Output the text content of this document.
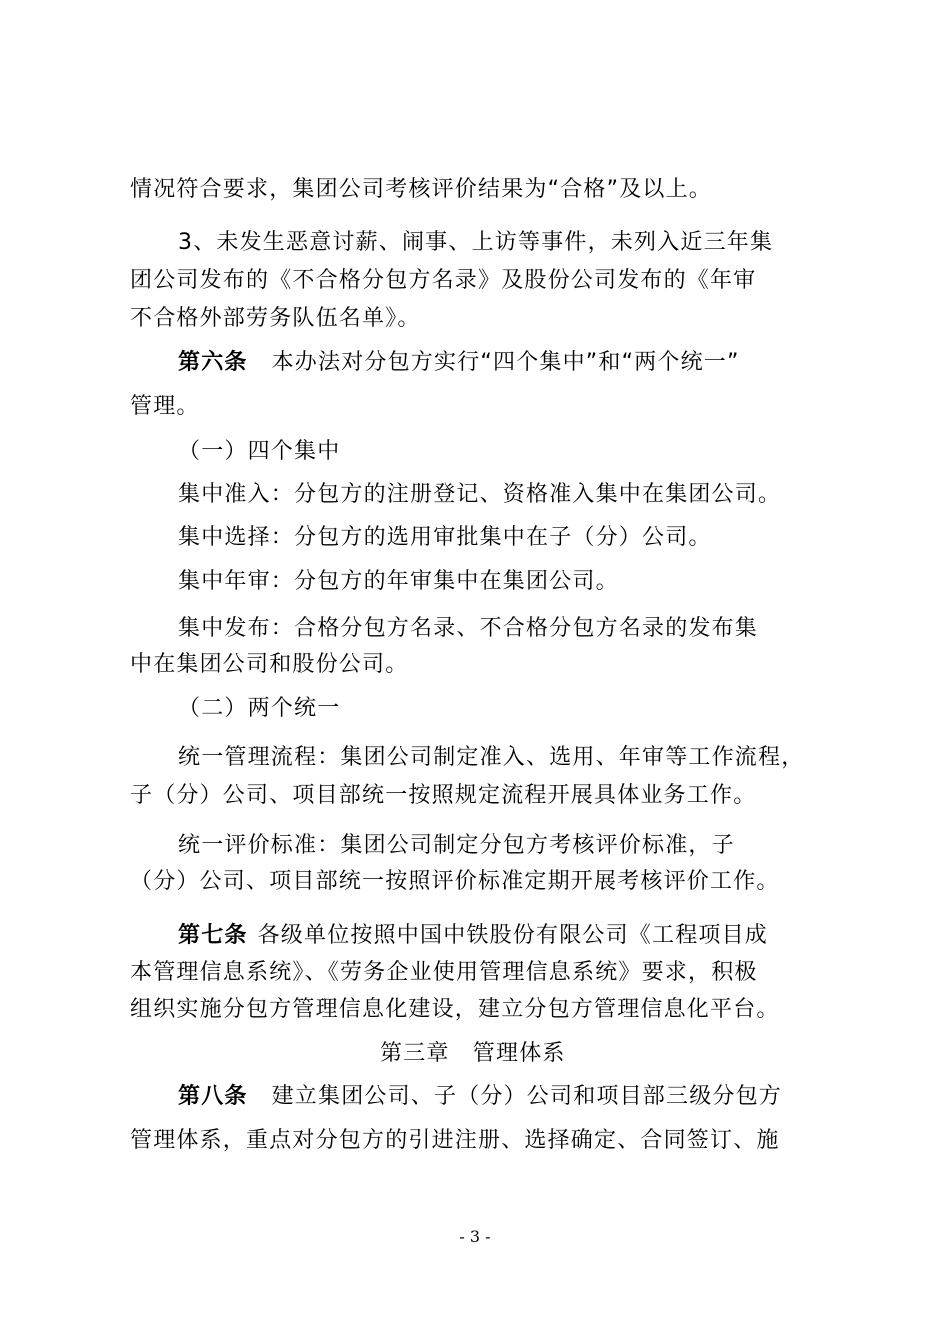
情况符合要求，集团公司考核评价结果为“合格”及以上。

3、未发生恶意讨薪、闹事、上访等事件，未列入近三年集

团公司发布的《不合格分包方名录》及股份公司发布的《年审

不合格外部劳务队伍名单》。

第六条 本办法对分包方实行“四个集中”和“两个统一”

管理。

（一）四个集中

集中准入：分包方的注册登记、资格准入集中在集团公司。

集中选择：分包方的选用审批集中在子（分）公司。

集中年审：分包方的年审集中在集团公司。

集中发布：合格分包方名录、不合格分包方名录的发布集

中在集团公司和股份公司。

（二）两个统一

统一管理流程：集团公司制定准入、选用、年审等工作流程，

子（分）公司、项目部统一按照规定流程开展具体业务工作。

统一评价标准：集团公司制定分包方考核评价标准，子

（分）公司、项目部统一按照评价标准定期开展考核评价工作。

第七条 各级单位按照中国中铁股份有限公司《工程项目成

本管理信息系统》、《劳务企业使用管理信息系统》要求，积极

组织实施分包方管理信息化建设，建立分包方管理信息化平台。

第三章　管理体系

第八条 建立集团公司、子（分）公司和项目部三级分包方

管理体系，重点对分包方的引进注册、选择确定、合同签订、施

- 3 -
